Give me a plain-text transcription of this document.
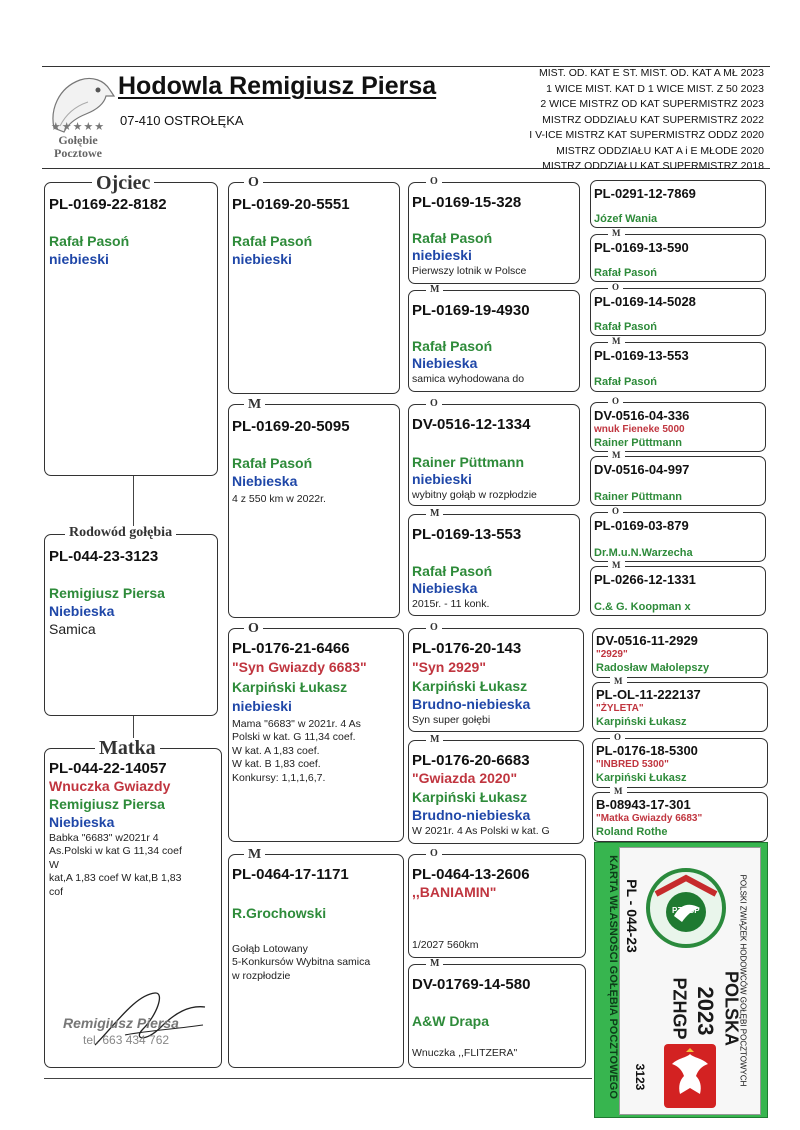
★★★★★
Gołębie Pocztowe
Hodowla Remigiusz Piersa
07-410 OSTROŁĘKA
MIST. OD. KAT E ST. MIST. OD. KAT A MŁ 2023
1 WICE MIST. KAT D 1 WICE MIST. Z 50 2023
2 WICE MISTRZ OD KAT SUPERMISTRZ 2023
MISTRZ ODDZIAŁU KAT SUPERMISTRZ 2022
I V-ICE MISTRZ KAT SUPERMISTRZ ODDZ 2020
MISTRZ ODDZIAŁU KAT A i E MŁODE 2020
MISTRZ ODDZIAŁU KAT SUPERMISTRZ 2018
PL-0169-22-8182
Rafał Pasoń
niebieski
Ojciec
PL-044-23-3123
Remigiusz Piersa
Niebieska
Samica
Rodowód gołębia
PL-044-22-14057
Wnuczka Gwiazdy
Remigiusz Piersa
Niebieska
Babka "6683" w2021r 4
As.Polski w kat G 11,34 coef
W
kat,A 1,83 coef W kat,B 1,83
cof
Remigiusz Piersa
tel. 663 434 762
Matka
PL-0169-20-5551
Rafał Pasoń
niebieski
O
PL-0169-20-5095
Rafał Pasoń
Niebieska
4 z 550 km w 2022r.
M
PL-0176-21-6466
"Syn Gwiazdy 6683"
Karpiński Łukasz
niebieski
Mama "6683" w 2021r. 4 As
Polski w kat. G 11,34 coef.
W kat. A 1,83 coef.
W kat. B 1,83 coef.
Konkursy: 1,1,1,6,7.
O
PL-0464-17-1171
R.Grochowski
Gołąb Lotowany
5-Konkursów Wybitna samica
w rozpłodzie
M
PL-0169-15-328
Rafał Pasoń
niebieski
Pierwszy lotnik w Polsce
O
PL-0169-19-4930
Rafał Pasoń
Niebieska
samica wyhodowana do
M
DV-0516-12-1334
Rainer Püttmann
niebieski
wybitny gołąb w rozpłodzie
O
PL-0169-13-553
Rafał Pasoń
Niebieska
2015r. - 11 konk.
M
PL-0176-20-143
"Syn 2929"
Karpiński Łukasz
Brudno-niebieska
Syn super gołębi
O
PL-0176-20-6683
"Gwiazda 2020"
Karpiński Łukasz
Brudno-niebieska
W 2021r. 4 As Polski w kat. G
M
PL-0464-13-2606
,,BANIAMIN"
1/2027 560km
O
DV-01769-14-580
A&W Drapa
Wnuczka ,,FLITZERA"
M
PL-0291-12-7869
Józef Wania
PL-0169-13-590
Rafał Pasoń
M
PL-0169-14-5028
Rafał Pasoń
O
PL-0169-13-553
Rafał Pasoń
M
DV-0516-04-336
wnuk Fieneke 5000
Rainer Püttmann
O
DV-0516-04-997
Rainer Püttmann
M
PL-0169-03-879
Dr.M.u.N.Warzecha
O
PL-0266-12-1331
C.& G. Koopman x
M
DV-0516-11-2929
"2929"
Radosław Małolepszy
PL-OL-11-222137
"ŻYLETA"
Karpiński Łukasz
M
PL-0176-18-5300
"INBRED 5300"
Karpiński Łukasz
O
B-08943-17-301
"Matka Gwiazdy 6683"
Roland Rothe
M
KARTA WŁASNOŚCI GOŁĘBIA POCZTOWEGO PL - 044-23	PZHGP
POLSKA
2023
PZHGP
3123	POLSKI ZWIĄZEK HODOWCÓW GOŁĘBI POCZTOWYCH
